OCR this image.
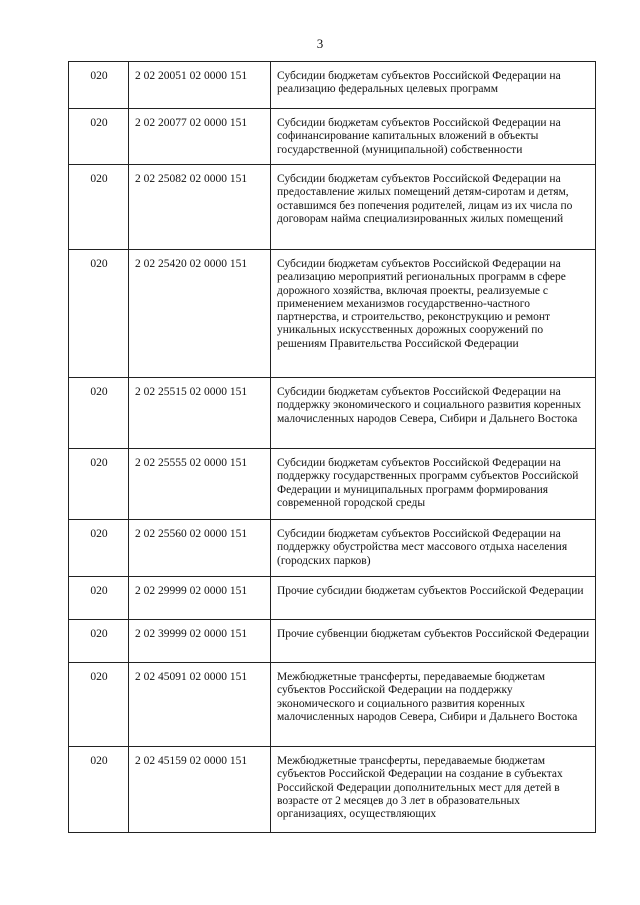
3
020	2 02 20051 02 0000 151	Субсидии бюджетам субъектов Российской Федерации на реализацию федеральных целевых программ
020	2 02 20077 02 0000 151	Субсидии бюджетам субъектов Российской Федерации на софинансирование капитальных вложений в объекты государственной (муниципальной) собственности
020	2 02 25082 02 0000 151	Субсидии бюджетам субъектов Российской Федерации на предоставление жилых помещений детям-сиротам и детям, оставшимся без попечения родителей, лицам из их числа по договорам найма специализированных жилых помещений
020	2 02 25420 02 0000 151	Субсидии бюджетам субъектов Российской Федерации на реализацию мероприятий региональных программ в сфере дорожного хозяйства, включая проекты, реализуемые с применением механизмов государственно-частного партнерства, и строительство, реконструкцию и ремонт уникальных искусственных дорожных сооружений по решениям Правительства Российской Федерации
020	2 02 25515 02 0000 151	Субсидии бюджетам субъектов Российской Федерации на поддержку экономического и социального развития коренных малочисленных народов Севера, Сибири и Дальнего Востока
020	2 02 25555 02 0000 151	Субсидии бюджетам субъектов Российской Федерации на поддержку государственных программ субъектов Российской Федерации и муниципальных программ формирования современной городской среды
020	2 02 25560 02 0000 151	Субсидии бюджетам субъектов Российской Федерации на поддержку обустройства мест массового отдыха населения (городских парков)
020	2 02 29999 02 0000 151	Прочие субсидии бюджетам субъектов Российской Федерации
020	2 02 39999 02 0000 151	Прочие субвенции бюджетам субъектов Российской Федерации
020	2 02 45091 02 0000 151	Межбюджетные трансферты, передаваемые бюджетам субъектов Российской Федерации на поддержку экономического и социального развития коренных малочисленных народов Севера, Сибири и Дальнего Востока
020	2 02 45159 02 0000 151	Межбюджетные трансферты, передаваемые бюджетам субъектов Российской Федерации на создание в субъектах Российской Федерации дополнительных мест для детей в возрасте от 2 месяцев до 3 лет в образовательных организациях, осуществляющих
